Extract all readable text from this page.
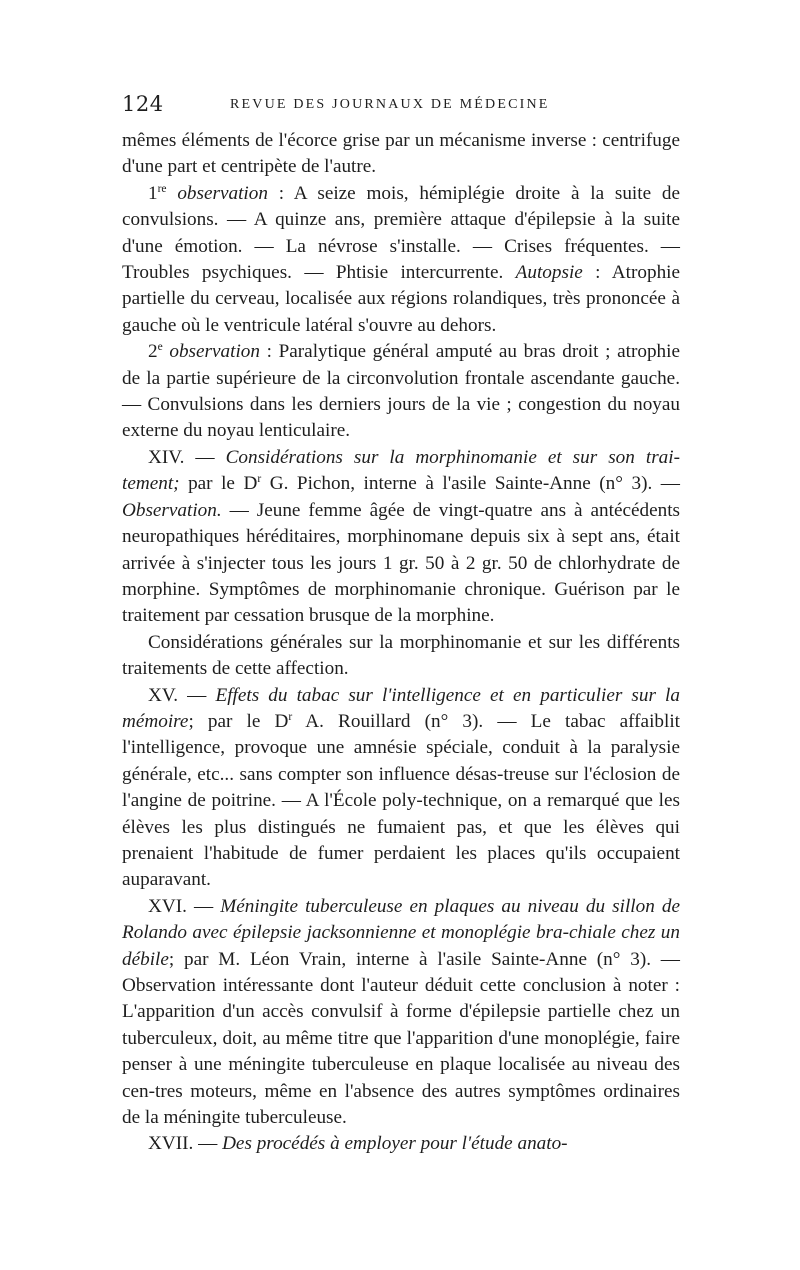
124	REVUE DES JOURNAUX DE MÉDECINE

mêmes éléments de l'écorce grise par un mécanisme inverse : centrifuge d'une part et centripète de l'autre.

1re observation : A seize mois, hémiplégie droite à la suite de convulsions. — A quinze ans, première attaque d'épilepsie à la suite d'une émotion. — La névrose s'installe. — Crises fréquentes. — Troubles psychiques. — Phtisie intercurrente. Autopsie : Atrophie partielle du cerveau, localisée aux régions rolandiques, très prononcée à gauche où le ventricule latéral s'ouvre au dehors.

2e observation : Paralytique général amputé au bras droit ; atrophie de la partie supérieure de la circonvolution frontale ascendante gauche. — Convulsions dans les derniers jours de la vie ; congestion du noyau externe du noyau lenticulaire.

XIV. — Considérations sur la morphinomanie et sur son trai-tement; par le $D^r$ G. Pichon, interne à l'asile Sainte-Anne (n° 3). — Observation. — Jeune femme âgée de vingt-quatre ans à antécédents neuropathiques héréditaires, morphinomane depuis six à sept ans, était arrivée à s'injecter tous les jours 1 gr. 50 à 2 gr. 50 de chlorhydrate de morphine. Symptômes de morphinomanie chronique. Guérison par le traitement par cessation brusque de la morphine.

Considérations générales sur la morphinomanie et sur les différents traitements de cette affection.

XV. — Effets du tabac sur l'intelligence et en particulier sur la mémoire; par le $D^r$ A. Rouillard (n° 3). — Le tabac affaiblit l'intelligence, provoque une amnésie spéciale, conduit à la paralysie générale, etc... sans compter son influence désas-treuse sur l'éclosion de l'angine de poitrine. — A l'École poly-technique, on a remarqué que les élèves les plus distingués ne fumaient pas, et que les élèves qui prenaient l'habitude de fumer perdaient les places qu'ils occupaient auparavant.

XVI. — Méningite tuberculeuse en plaques au niveau du sillon de Rolando avec épilepsie jacksonnienne et monoplégie bra-chiale chez un débile; par M. Léon Vrain, interne à l'asile Sainte-Anne (n° 3). — Observation intéressante dont l'auteur déduit cette conclusion à noter : L'apparition d'un accès convulsif à forme d'épilepsie partielle chez un tuberculeux, doit, au même titre que l'apparition d'une monoplégie, faire penser à une méningite tuberculeuse en plaque localisée au niveau des cen-tres moteurs, même en l'absence des autres symptômes ordinaires de la méningite tuberculeuse.

XVII. — Des procédés à employer pour l'étude anato-
